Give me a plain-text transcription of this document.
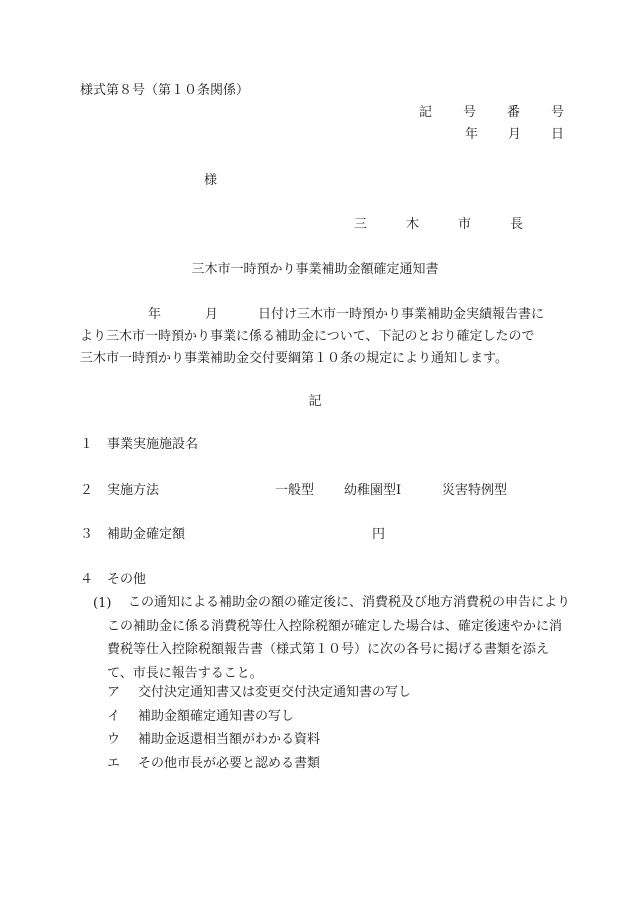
様式第８号（第１０条関係）
記　号　番　号
年 月 日
様
三　木　市　長
三木市一時預かり事業補助金額確定通知書
年	月	日付け三木市一時預かり事業補助金実績報告書に
より三木市一時預かり事業に係る補助金について、下記のとおり確定したので
三木市一時預かり事業補助金交付要綱第１０条の規定により通知します。
記
１ 事業実施施設名
２ 実施方法	一般型 幼稚園型Ⅰ	災害特例型
３ 補助金確定額	円
４ その他
(1)	この通知による補助金の額の確定後に、消費税及び地方消費税の申告によりこの補助金に係る消費税等仕入控除税額が確定した場合は、確定後速やかに消費税等仕入控除税額報告書（様式第１０号）に次の各号に掲げる書類を添えて、市長に報告すること。
ア 交付決定通知書又は変更交付決定通知書の写し
イ 補助金額確定通知書の写し
ウ 補助金返還相当額がわかる資料
エ その他市長が必要と認める書類
